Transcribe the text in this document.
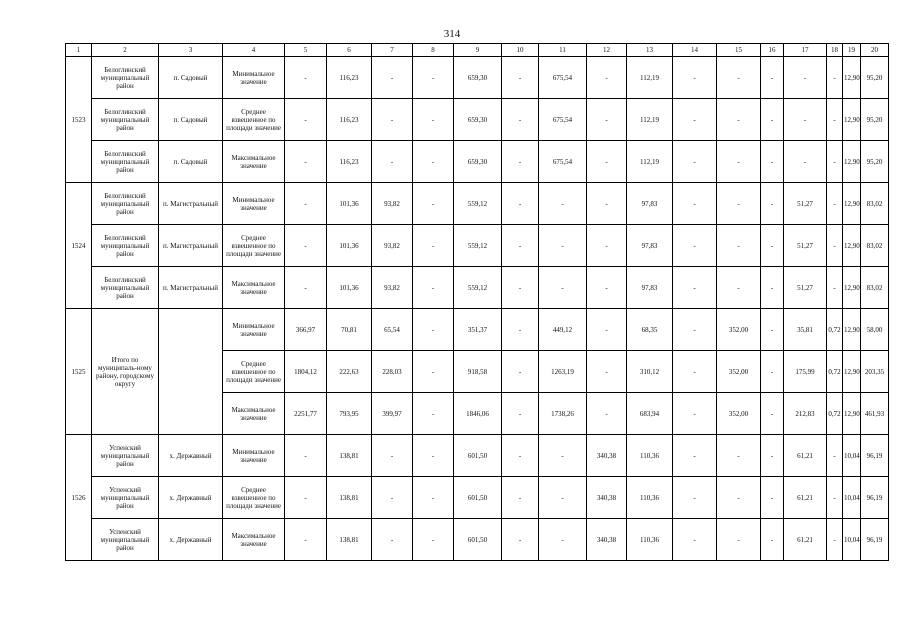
314
1	2	3	4	5	6	7	8	9	10	11	12	13	14	15	16	17	18	19	20
1523	Белоглинский муниципальный район	п. Садовый	Минимальное значение	-	116,23	-	-	659,30	-	675,54	-	112,19	-	-	-	-	-	12,90	95,20
	Белоглинский муниципальный район	п. Садовый	Среднее взвешенное по площади значение	-	116,23	-	-	659,30	-	675,54	-	112,19	-	-	-	-	-	12,90	95,20
	Белоглинский муниципальный район	п. Садовый	Максимальное значение	-	116,23	-	-	659,30	-	675,54	-	112,19	-	-	-	-	-	12,90	95,20
1524	Белоглинский муниципальный район	п. Магистральный	Минимальное значение	-	101,36	93,82	-	559,12	-	-	-	97,83	-	-	-	51,27	-	12,90	83,02
	Белоглинский муниципальный район	п. Магистральный	Среднее взвешенное по площади значение	-	101,36	93,82	-	559,12	-	-	-	97,83	-	-	-	51,27	-	12,90	83,02
	Белоглинский муниципальный район	п. Магистральный	Максимальное значение	-	101,36	93,82	-	559,12	-	-	-	97,83	-	-	-	51,27	-	12,90	83,02
1525	Итого по муниципаль-ному району, городскому округу		Минимальное значение	366,97	70,81	65,54	-	351,37	-	449,12	-	68,35	-	352,00	-	35,81	0,72	12,90	58,00
			Среднее взвешенное по площади значение	1804,12	222,63	228,03	-	918,58	-	1263,19	-	310,12	-	352,00	-	175,99	0,72	12,90	203,35
			Максимальное значение	2251,77	793,95	399,97	-	1846,06	-	1738,26	-	683,94	-	352,00	-	212,83	0,72	12,90	461,93
1526	Успенский муниципальный район	х. Державный	Минимальное значение	-	138,81	-	-	601,50	-	-	340,38	110,36	-	-	-	61,21	-	10,04	96,19
	Успенский муниципальный район	х. Державный	Среднее взвешенное по площади значение	-	138,81	-	-	601,50	-	-	340,38	110,36	-	-	-	61,21	-	10,04	96,19
	Успенский муниципальный район	х. Державный	Максимальное значение	-	138,81	-	-	601,50	-	-	340,38	110,36	-	-	-	61,21	-	10,04	96,19
